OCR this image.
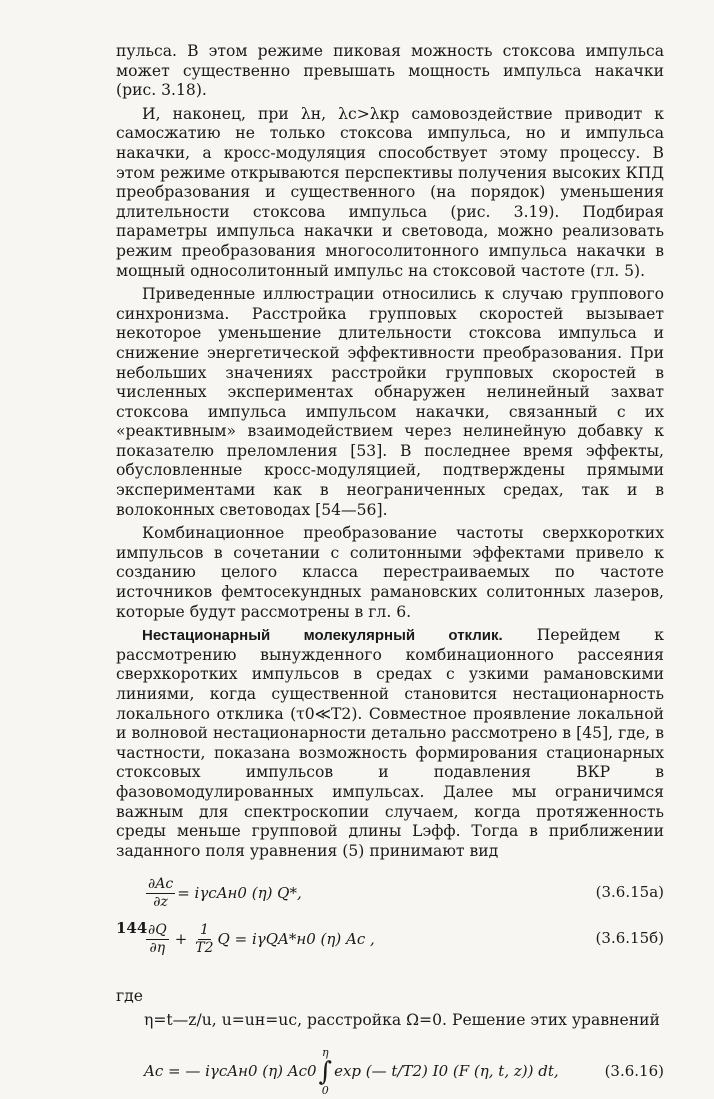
пульса. В этом режиме пиковая можность стоксова импульса может существенно превышать мощность импульса накачки (рис. 3.18).

И, наконец, при λн, λс>λкр самовоздействие приводит к самосжатию не только стоксова импульса, но и импульса накачки, а кросс-модуляция способствует этому процессу. В этом режиме открываются перспективы получения высоких КПД преобразования и существенного (на порядок) уменьшения длительности стоксова импульса (рис. 3.19). Подбирая параметры импульса накачки и световода, можно реализовать режим преобразования многосолитонного импульса накачки в мощный односолитонный импульс на стоксовой частоте (гл. 5).

Приведенные иллюстрации относились к случаю группового синхронизма. Расстройка групповых скоростей вызывает некоторое уменьшение длительности стоксова импульса и снижение энергетической эффективности преобразования. При небольших значениях расстройки групповых скоростей в численных экспериментах обнаружен нелинейный захват стоксова импульса импульсом накачки, связанный с их «реактивным» взаимодействием через нелинейную добавку к показателю преломления [53]. В последнее время эффекты, обусловленные кросс-модуляцией, подтверждены прямыми экспериментами как в неограниченных средах, так и в волоконных световодах [54—56].

Комбинационное преобразование частоты сверхкоротких импульсов в сочетании с солитонными эффектами привело к созданию целого класса перестраиваемых по частоте источников фемтосекундных рамановских солитонных лазеров, которые будут рассмотрены в гл. 6.

Нестационарный молекулярный отклик. Перейдем к рассмотрению вынужденного комбинационного рассеяния сверхкоротких импульсов в средах с узкими рамановскими линиями, когда существенной становится нестационарность локального отклика (τ0≪T2). Совместное проявление локальной и волновой нестационарности детально рассмотрено в [45], где, в частности, показана возможность формирования стационарных стоксовых импульсов и подавления ВКР в фазовомодулированных импульсах. Далее мы ограничимся важным для спектроскопии случаем, когда протяженность среды меньше групповой длины Lэфф. Тогда в приближении заданного поля уравнения (5) принимают вид

$\frac{\partial Aс}{\partial z} = i\gamma сAн0$ (η) Q*,	(3.6.15а)
$\frac{\partial Q}{\partial\eta} + \frac{1}{T2}$ Q = iγQA*н0 (η) Aс ,	(3.6.15б)

где

η=t—z/u, u=uн=uс, расстройка Ω=0. Решение этих уравнений

Aс = — iγсAн0 (η) Aс0
η
∫
0
exp (— t/T2) I0 (F (η, t, z)) dt,	(3.6.16)
144
